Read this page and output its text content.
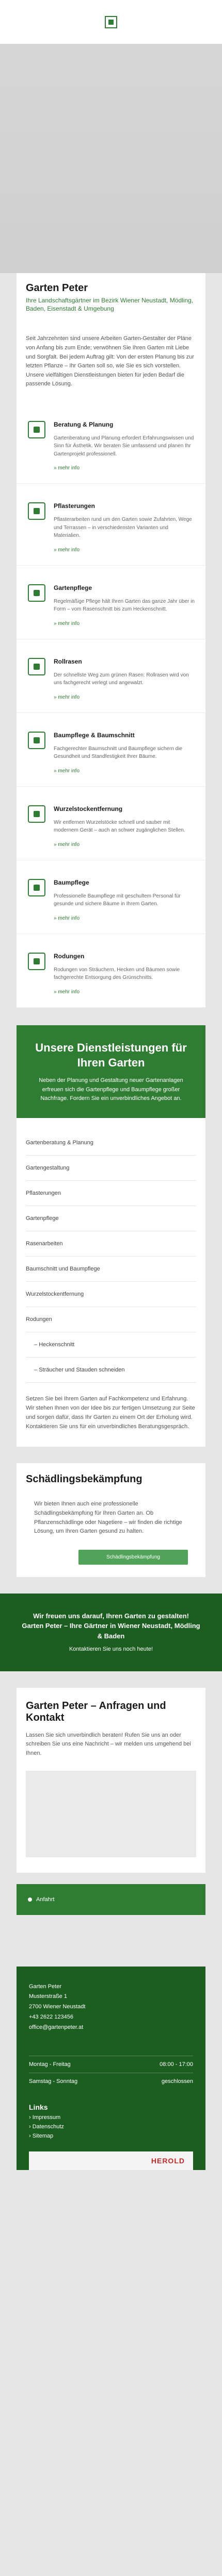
Garten Peter
Ihre Landschaftsgärtner im Bezirk Wiener Neustadt, Mödling, Baden, Eisenstadt & Umgebung
Seit Jahrzehnten sind unsere Arbeiten Garten-Gestalter der Pläne von Anfang bis zum Ende; verwöhnen Sie Ihren Garten mit Liebe und Sorgfalt. Bei jedem Auftrag gilt: Von der ersten Planung bis zur letzten Pflanze – Ihr Garten soll so, wie Sie es sich vorstellen. Unsere vielfältigen Dienstleistungen bieten für jeden Bedarf die passende Lösung.
Beratung & Planung
Gartenberatung und Planung erfordert Erfahrungswissen und Sinn für Ästhetik. Wir beraten Sie umfassend und planen Ihr Gartenprojekt professionell.
» mehr info
Pflasterungen
Pflasterarbeiten rund um den Garten sowie Zufahrten, Wege und Terrassen – in verschiedensten Varianten und Materialien.
» mehr info
Gartenpflege
Regelmäßige Pflege hält Ihren Garten das ganze Jahr über in Form – vom Rasenschnitt bis zum Heckenschnitt.
» mehr info
Rollrasen
Der schnellste Weg zum grünen Rasen: Rollrasen wird von uns fachgerecht verlegt und angewalzt.
» mehr info
Baumpflege & Baumschnitt
Fachgerechter Baumschnitt und Baumpflege sichern die Gesundheit und Standfestigkeit Ihrer Bäume.
» mehr info
Wurzelstockentfernung
Wir entfernen Wurzelstöcke schnell und sauber mit modernem Gerät – auch an schwer zugänglichen Stellen.
» mehr info
Baumpflege
Professionelle Baumpflege mit geschultem Personal für gesunde und sichere Bäume in Ihrem Garten.
» mehr info
Rodungen
Rodungen von Sträuchern, Hecken und Bäumen sowie fachgerechte Entsorgung des Grünschnitts.
» mehr info
Unsere Dienstleistungen für Ihren Garten
Neben der Planung und Gestaltung neuer Gartenanlagen erfreuen sich die Gartenpflege und Baumpflege großer Nachfrage. Fordern Sie ein unverbindliches Angebot an.
Gartenberatung & Planung
Gartengestaltung
Pflasterungen
Gartenpflege
Rasenarbeiten
Baumschnitt und Baumpflege
Wurzelstockentfernung
Rodungen
– Heckenschnitt
– Sträucher und Stauden schneiden
Setzen Sie bei Ihrem Garten auf Fachkompetenz und Erfahrung. Wir stehen Ihnen von der Idee bis zur fertigen Umsetzung zur Seite und sorgen dafür, dass Ihr Garten zu einem Ort der Erholung wird. Kontaktieren Sie uns für ein unverbindliches Beratungsgespräch.
Schädlingsbekämpfung
Wir bieten Ihnen auch eine professionelle Schädlingsbekämpfung für Ihren Garten an. Ob Pflanzenschädlinge oder Nagetiere – wir finden die richtige Lösung, um Ihren Garten gesund zu halten.
Schädlingsbekämpfung

Wir freuen uns darauf, Ihren Garten zu gestalten!

Garten Peter – Ihre Gärtner in Wiener Neustadt, Mödling & Baden

Kontaktieren Sie uns noch heute!

Garten Peter – Anfragen und Kontakt
Lassen Sie sich unverbindlich beraten! Rufen Sie uns an oder schreiben Sie uns eine Nachricht – wir melden uns umgehend bei Ihnen.
Anfahrt
Garten Peter
Musterstraße 1
2700 Wiener Neustadt
+43 2622 123456
office@gartenpeter.at
Montag - Freitag	08:00 - 17:00
Samstag - Sonntag	geschlossen
Links
› Impressum
› Datenschutz
› Sitemap
HEROLD
